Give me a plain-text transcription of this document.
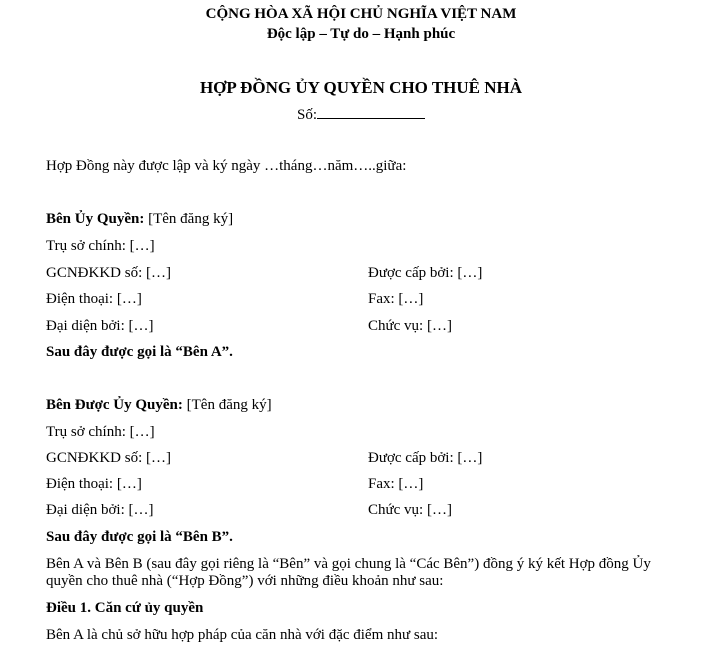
CỘNG HÒA XÃ HỘI CHỦ NGHĨA VIỆT NAM
Độc lập – Tự do – Hạnh phúc
HỢP ĐỒNG ỦY QUYỀN CHO THUÊ NHÀ
Số:
Hợp Đồng này được lập và ký ngày …tháng…năm…..giữa:
Bên Ủy Quyền: [Tên đăng ký]
Trụ sở chính: […]
GCNĐKKD số: […]	Được cấp bởi: […]
Điện thoại: […]	Fax: […]
Đại diện bởi: […]	Chức vụ: […]
Sau đây được gọi là “Bên A”.
Bên Được Ủy Quyền: [Tên đăng ký]
Trụ sở chính: […]
GCNĐKKD số: […]	Được cấp bởi: […]
Điện thoại: […]	Fax: […]
Đại diện bởi: […]	Chức vụ: […]
Sau đây được gọi là “Bên B”.
Bên A và Bên B (sau đây gọi riêng là “Bên” và gọi chung là “Các Bên”) đồng ý ký kết Hợp đồng Ủy quyền cho thuê nhà (“Hợp Đồng”) với những điều khoản như sau:
Điều 1. Căn cứ ủy quyền
Bên A là chủ sở hữu hợp pháp của căn nhà với đặc điểm như sau:
